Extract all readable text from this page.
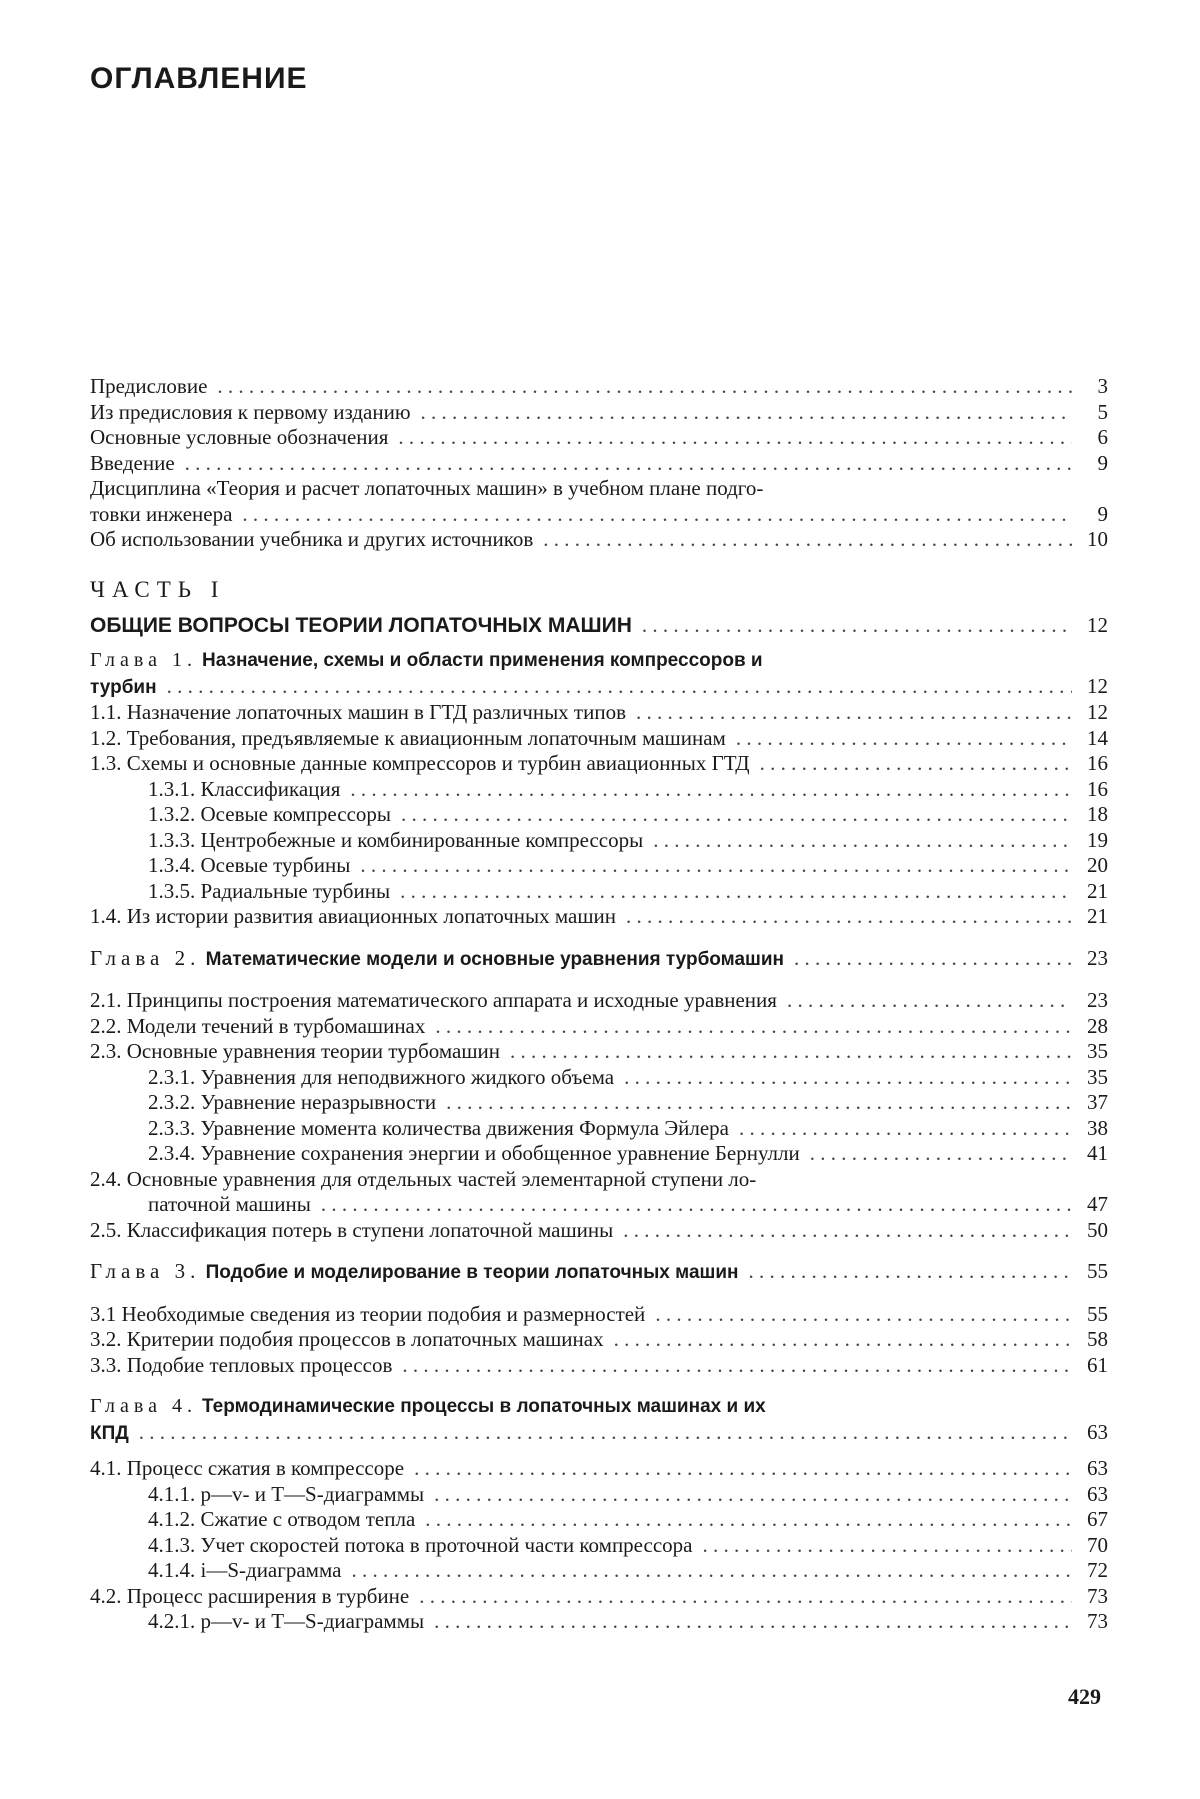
ОГЛАВЛЕНИЕ
Предисловие . . .	3
Из предисловия к первому изданию . . .	5
Основные условные обозначения . . .	6
Введение . . .	9
Дисциплина «Теория и расчет лопаточных машин» в учебном плане подго-
товки инженера . . .	9
Об использовании учебника и других источников . . .	10
ЧАСТЬ I
ОБЩИЕ ВОПРОСЫ ТЕОРИИ ЛОПАТОЧНЫХ МАШИН . . .	12
Глава 1. Назначение, схемы и области применения компрессоров и
турбин . . .	12
1.1. Назначение лопаточных машин в ГТД различных типов . . .	12
1.2. Требования, предъявляемые к авиационным лопаточным машинам . . .	14
1.3. Схемы и основные данные компрессоров и турбин авиационных ГТД . . .	16
1.3.1. Классификация . . .	16
1.3.2. Осевые компрессоры . . .	18
1.3.3. Центробежные и комбинированные компрессоры . . .	19
1.3.4. Осевые турбины . . .	20
1.3.5. Радиальные турбины . . .	21
1.4. Из истории развития авиационных лопаточных машин . . .	21
Глава 2. Математические модели и основные уравнения турбомашин . . .	23
2.1. Принципы построения математического аппарата и исходные уравнения . . .	23
2.2. Модели течений в турбомашинах . . .	28
2.3. Основные уравнения теории турбомашин . . .	35
2.3.1. Уравнения для неподвижного жидкого объема . . .	35
2.3.2. Уравнение неразрывности . . .	37
2.3.3. Уравнение момента количества движения Формула Эйлера . . .	38
2.3.4. Уравнение сохранения энергии и обобщенное уравнение Бернулли . . .	41
2.4. Основные уравнения для отдельных частей элементарной ступени ло-
паточной машины . . .	47
2.5. Классификация потерь в ступени лопаточной машины . . .	50
Глава 3. Подобие и моделирование в теории лопаточных машин . . .	55
3.1 Необходимые сведения из теории подобия и размерностей . . .	55
3.2. Критерии подобия процессов в лопаточных машинах . . .	58
3.3. Подобие тепловых процессов . . .	61
Глава 4. Термодинамические процессы в лопаточных машинах и их
КПД . . .	63
4.1. Процесс сжатия в компрессоре . . .	63
4.1.1. p—v- и T—S-диаграммы . . .	63
4.1.2. Сжатие с отводом тепла . . .	67
4.1.3. Учет скоростей потока в проточной части компрессора . . .	70
4.1.4. i—S-диаграмма . . .	72
4.2. Процесс расширения в турбине . . .	73
4.2.1. p—v- и T—S-диаграммы . . .	73
429
